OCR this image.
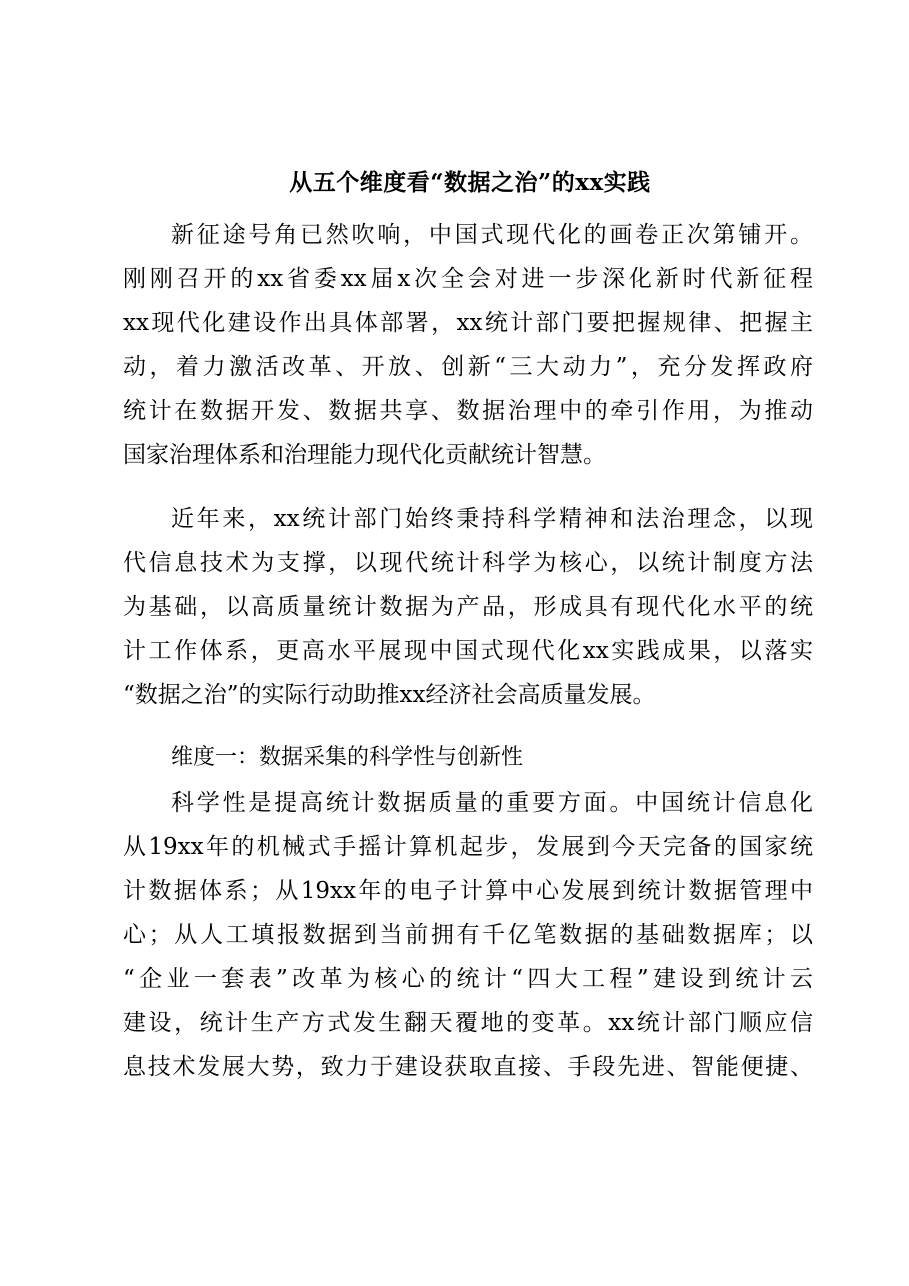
从五个维度看“数据之治”的xx实践
新征途号角已然吹响，中国式现代化的画卷正次第铺开。
刚刚召开的xx省委xx届x次全会对进一步深化新时代新征程
xx现代化建设作出具体部署，xx统计部门要把握规律、把握主
动，着力激活改革、开放、创新“三大动力”，充分发挥政府
统计在数据开发、数据共享、数据治理中的牵引作用，为推动
国家治理体系和治理能力现代化贡献统计智慧。
近年来，xx统计部门始终秉持科学精神和法治理念，以现
代信息技术为支撑，以现代统计科学为核心，以统计制度方法
为基础，以高质量统计数据为产品，形成具有现代化水平的统
计工作体系，更高水平展现中国式现代化xx实践成果，以落实
“数据之治”的实际行动助推xx经济社会高质量发展。
维度一：数据采集的科学性与创新性
科学性是提高统计数据质量的重要方面。中国统计信息化
从19xx年的机械式手摇计算机起步，发展到今天完备的国家统
计数据体系；从19xx年的电子计算中心发展到统计数据管理中
心；从人工填报数据到当前拥有千亿笔数据的基础数据库；以
“企业一套表”改革为核心的统计“四大工程”建设到统计云
建设，统计生产方式发生翻天覆地的变革。xx统计部门顺应信
息技术发展大势，致力于建设获取直接、手段先进、智能便捷、
